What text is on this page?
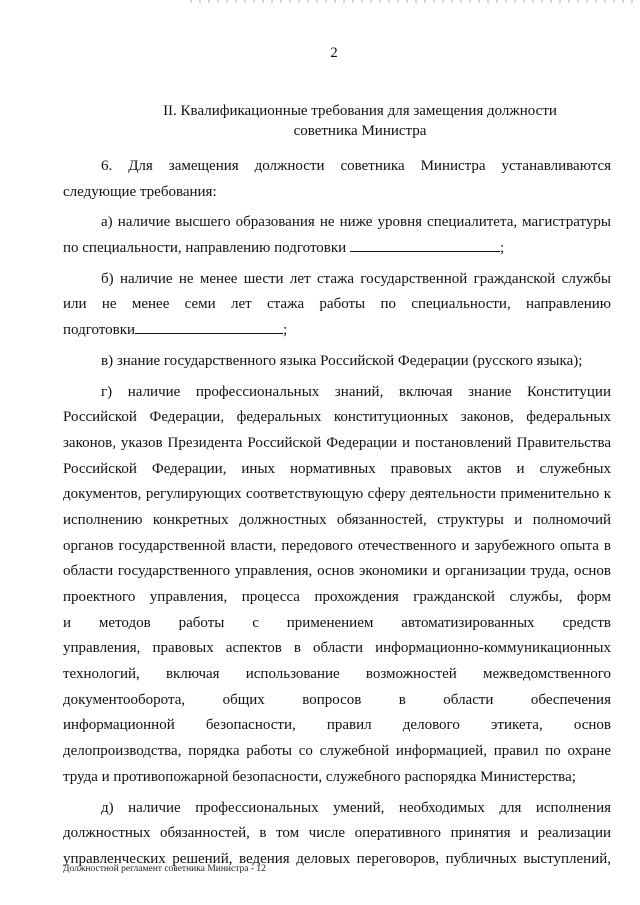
2
II. Квалификационные требования для замещения должности
советника Министра
6. Для замещения должности советника Министра устанавливаются
следующие требования:
а) наличие высшего образования не ниже уровня специалитета, магистратуры
по специальности, направлению подготовки	;
б) наличие не менее шести лет стажа государственной гражданской службы
или не менее семи лет стажа работы по специальности, направлению
подготовки	;
в) знание государственного языка Российской Федерации (русского языка);
г) наличие профессиональных знаний, включая знание Конституции
Российской Федерации, федеральных конституционных законов, федеральных
законов, указов Президента Российской Федерации и постановлений Правительства
Российской Федерации, иных нормативных правовых актов и служебных
документов, регулирующих соответствующую сферу деятельности применительно к
исполнению конкретных должностных обязанностей, структуры и полномочий
органов государственной власти, передового отечественного и зарубежного опыта в
области государственного управления, основ экономики и организации труда, основ
проектного управления, процесса прохождения гражданской службы, форм
и методов работы с применением автоматизированных средств
управления, правовых аспектов в области информационно-коммуникационных
технологий, включая использование возможностей межведомственного
документооборота, общих вопросов в области обеспечения
информационной безопасности, правил делового этикета, основ
делопроизводства, порядка работы со служебной информацией, правил по охране
труда и противопожарной безопасности, служебного распорядка Министерства;
д) наличие профессиональных умений, необходимых для исполнения
должностных обязанностей, в том числе оперативного принятия и реализации
управленческих решений, ведения деловых переговоров, публичных выступлений,
Должностной регламент советника Министра - 12
